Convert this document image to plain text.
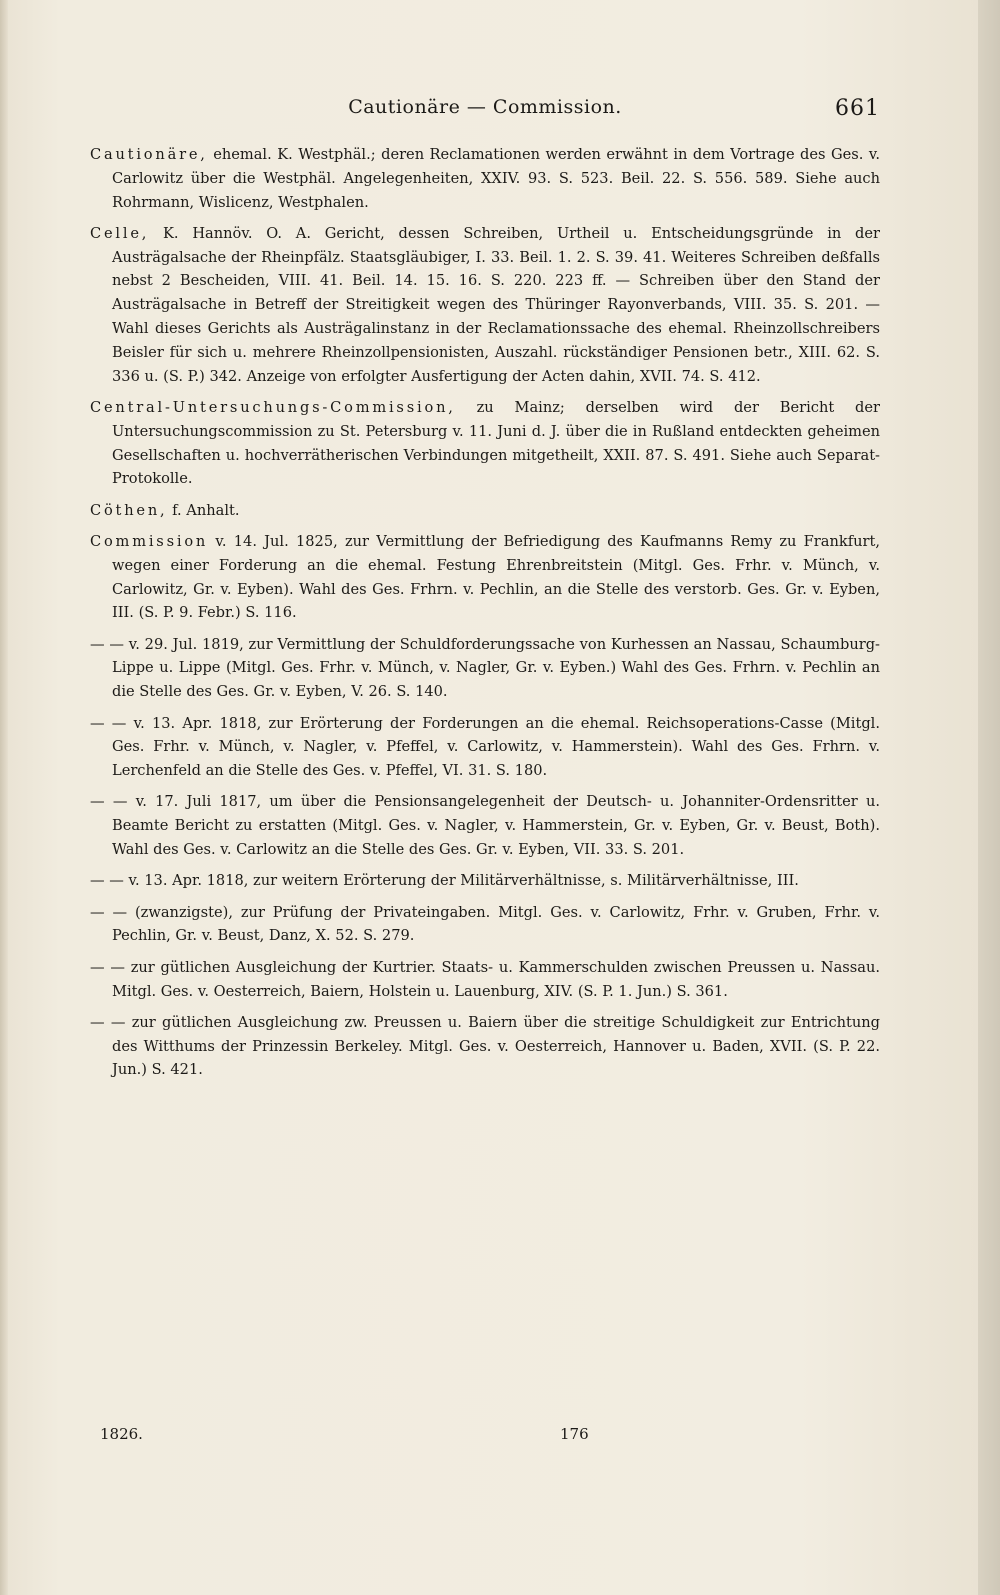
Cautionäre — Commission.	661

Cautionäre, ehemal. K. Westphäl.; deren Reclamationen werden erwähnt in dem Vortrage des Ges. v. Carlowitz über die Westphäl. Angelegenheiten, XXIV. 93. S. 523. Beil. 22. S. 556. 589. Siehe auch Rohrmann, Wislicenz, Westphalen.

Celle, K. Hannöv. O. A. Gericht, dessen Schreiben, Urtheil u. Entscheidungsgründe in der Austrägalsache der Rheinpfälz. Staatsgläubiger, I. 33. Beil. 1. 2. S. 39. 41. Weiteres Schreiben deßfalls nebst 2 Bescheiden, VIII. 41. Beil. 14. 15. 16. S. 220. 223 ff. — Schreiben über den Stand der Austrägalsache in Betreff der Streitigkeit wegen des Thüringer Rayonverbands, VIII. 35. S. 201. — Wahl dieses Gerichts als Austrägalinstanz in der Reclamationssache des ehemal. Rheinzollschreibers Beisler für sich u. mehrere Rheinzollpensionisten, Auszahl. rückständiger Pensionen betr., XIII. 62. S. 336 u. (S. P.) 342. Anzeige von erfolgter Ausfertigung der Acten dahin, XVII. 74. S. 412.

Central-Untersuchungs-Commission, zu Mainz; derselben wird der Bericht der Untersuchungscommission zu St. Petersburg v. 11. Juni d. J. über die in Rußland entdeckten geheimen Gesellschaften u. hochverrätherischen Verbindungen mitgetheilt, XXII. 87. S. 491. Siehe auch Separat-Protokolle.

Cöthen, f. Anhalt.

Commission v. 14. Jul. 1825, zur Vermittlung der Befriedigung des Kaufmanns Remy zu Frankfurt, wegen einer Forderung an die ehemal. Festung Ehrenbreitstein (Mitgl. Ges. Frhr. v. Münch, v. Carlowitz, Gr. v. Eyben). Wahl des Ges. Frhrn. v. Pechlin, an die Stelle des verstorb. Ges. Gr. v. Eyben, III. (S. P. 9. Febr.) S. 116.

— — v. 29. Jul. 1819, zur Vermittlung der Schuldforderungssache von Kurhessen an Nassau, Schaumburg-Lippe u. Lippe (Mitgl. Ges. Frhr. v. Münch, v. Nagler, Gr. v. Eyben.) Wahl des Ges. Frhrn. v. Pechlin an die Stelle des Ges. Gr. v. Eyben, V. 26. S. 140.

— — v. 13. Apr. 1818, zur Erörterung der Forderungen an die ehemal. Reichsoperations-Casse (Mitgl. Ges. Frhr. v. Münch, v. Nagler, v. Pfeffel, v. Carlowitz, v. Hammerstein). Wahl des Ges. Frhrn. v. Lerchenfeld an die Stelle des Ges. v. Pfeffel, VI. 31. S. 180.

— — v. 17. Juli 1817, um über die Pensionsangelegenheit der Deutsch- u. Johanniter-Ordensritter u. Beamte Bericht zu erstatten (Mitgl. Ges. v. Nagler, v. Hammerstein, Gr. v. Eyben, Gr. v. Beust, Both). Wahl des Ges. v. Carlowitz an die Stelle des Ges. Gr. v. Eyben, VII. 33. S. 201.

— — v. 13. Apr. 1818, zur weitern Erörterung der Militärverhältnisse, s. Militärverhältnisse, III.

— — (zwanzigste), zur Prüfung der Privateingaben. Mitgl. Ges. v. Carlowitz, Frhr. v. Gruben, Frhr. v. Pechlin, Gr. v. Beust, Danz, X. 52. S. 279.

— — zur gütlichen Ausgleichung der Kurtrier. Staats- u. Kammerschulden zwischen Preussen u. Nassau. Mitgl. Ges. v. Oesterreich, Baiern, Holstein u. Lauenburg, XIV. (S. P. 1. Jun.) S. 361.

— — zur gütlichen Ausgleichung zw. Preussen u. Baiern über die streitige Schuldigkeit zur Entrichtung des Witthums der Prinzessin Berkeley. Mitgl. Ges. v. Oesterreich, Hannover u. Baden, XVII. (S. P. 22. Jun.) S. 421.

1826.	176
